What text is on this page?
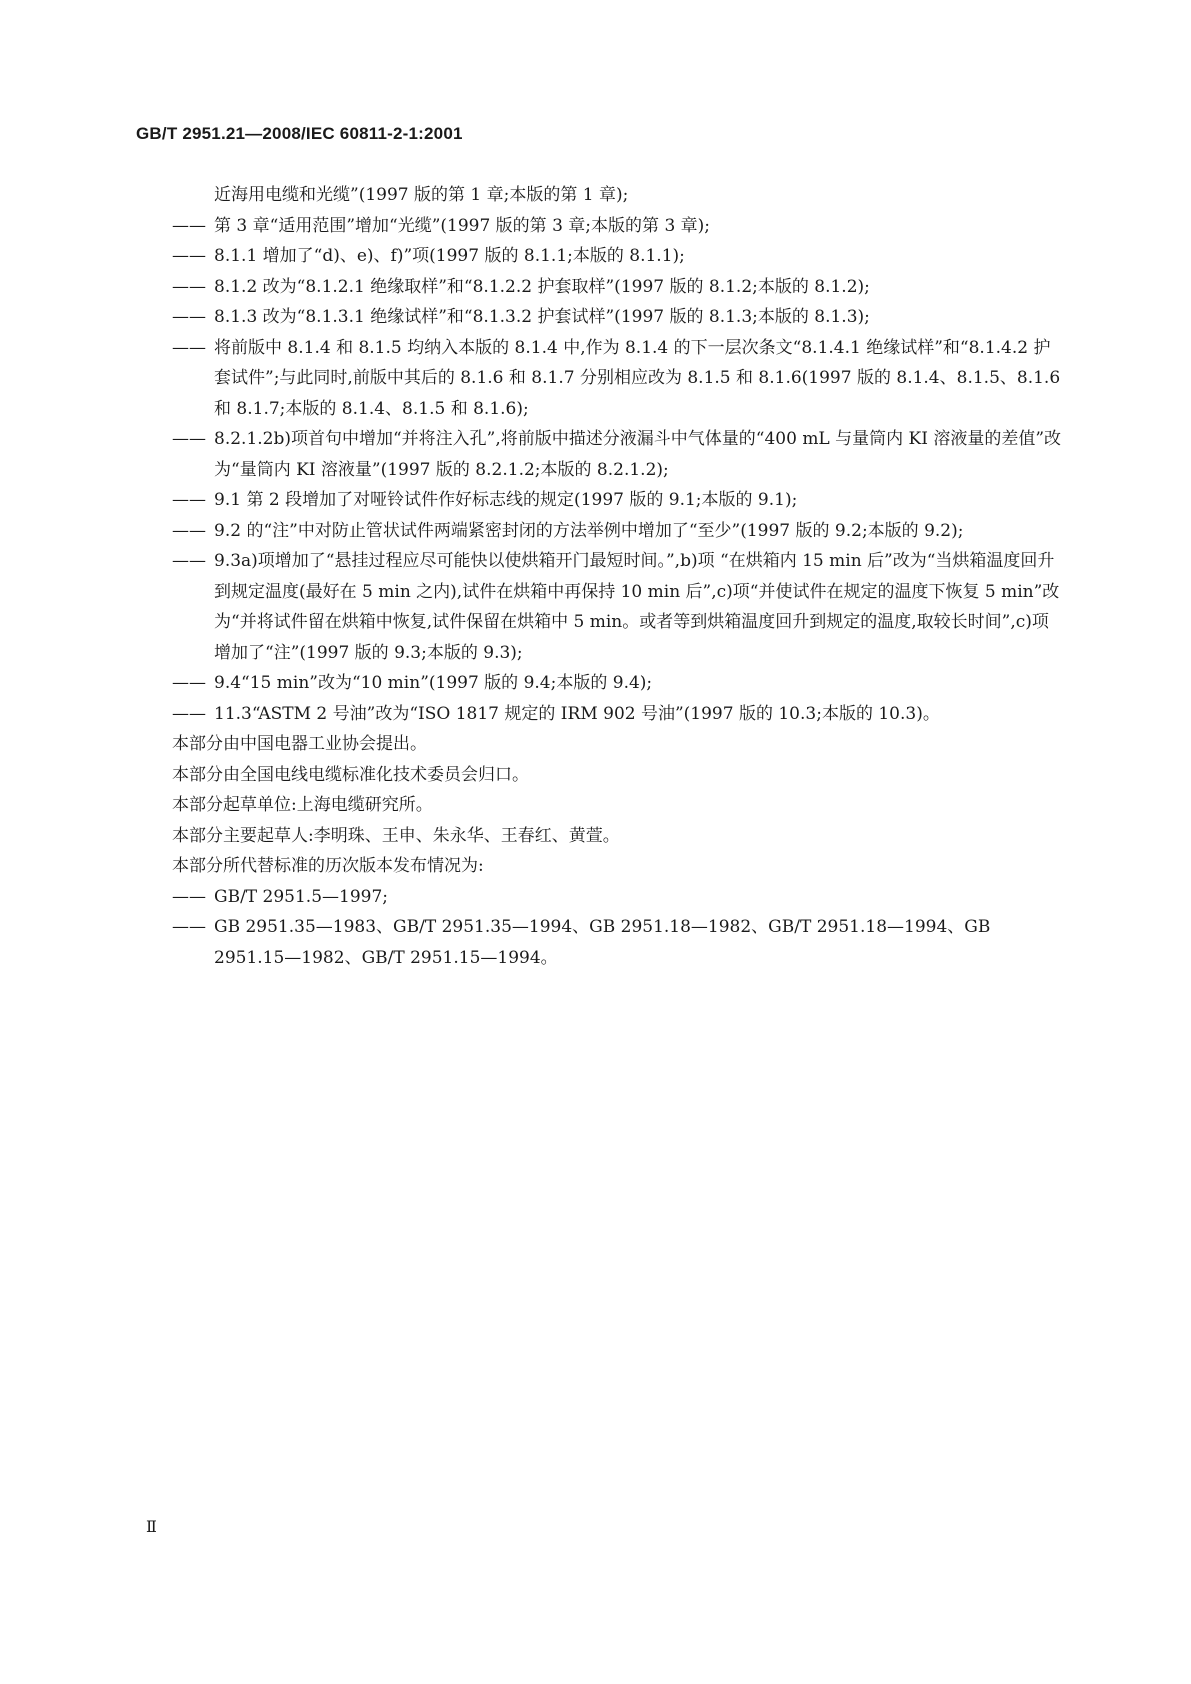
GB/T 2951.21—2008/IEC 60811-2-1:2001

近海用电缆和光缆”(1997 版的第 1 章;本版的第 1 章);

—— 第 3 章“适用范围”增加“光缆”(1997 版的第 3 章;本版的第 3 章);

—— 8.1.1 增加了“d)、e)、f)”项(1997 版的 8.1.1;本版的 8.1.1);

—— 8.1.2 改为“8.1.2.1 绝缘取样”和“8.1.2.2 护套取样”(1997 版的 8.1.2;本版的 8.1.2);

—— 8.1.3 改为“8.1.3.1 绝缘试样”和“8.1.3.2 护套试样”(1997 版的 8.1.3;本版的 8.1.3);

—— 将前版中 8.1.4 和 8.1.5 均纳入本版的 8.1.4 中,作为 8.1.4 的下一层次条文“8.1.4.1 绝缘试样”和“8.1.4.2 护套试件”;与此同时,前版中其后的 8.1.6 和 8.1.7 分别相应改为 8.1.5 和 8.1.6(1997 版的 8.1.4、8.1.5、8.1.6 和 8.1.7;本版的 8.1.4、8.1.5 和 8.1.6);

—— 8.2.1.2b)项首句中增加“并将注入孔”,将前版中描述分液漏斗中气体量的“400 mL 与量筒内 KI 溶液量的差值”改为“量筒内 KI 溶液量”(1997 版的 8.2.1.2;本版的 8.2.1.2);

—— 9.1 第 2 段增加了对哑铃试件作好标志线的规定(1997 版的 9.1;本版的 9.1);

—— 9.2 的“注”中对防止管状试件两端紧密封闭的方法举例中增加了“至少”(1997 版的 9.2;本版的 9.2);

—— 9.3a)项增加了“悬挂过程应尽可能快以使烘箱开门最短时间。”,b)项 “在烘箱内 15 min 后”改为“当烘箱温度回升到规定温度(最好在 5 min 之内),试件在烘箱中再保持 10 min 后”,c)项“并使试件在规定的温度下恢复 5 min”改为“并将试件留在烘箱中恢复,试件保留在烘箱中 5 min。或者等到烘箱温度回升到规定的温度,取较长时间”,c)项增加了“注”(1997 版的 9.3;本版的 9.3);

—— 9.4“15 min”改为“10 min”(1997 版的 9.4;本版的 9.4);

—— 11.3“ASTM 2 号油”改为“ISO 1817 规定的 IRM 902 号油”(1997 版的 10.3;本版的 10.3)。

本部分由中国电器工业协会提出。

本部分由全国电线电缆标准化技术委员会归口。

本部分起草单位:上海电缆研究所。

本部分主要起草人:李明珠、王申、朱永华、王春红、黄萱。

本部分所代替标准的历次版本发布情况为:

—— GB/T 2951.5—1997;

—— GB 2951.35—1983、GB/T 2951.35—1994、GB 2951.18—1982、GB/T 2951.18—1994、GB 2951.15—1982、GB/T 2951.15—1994。

Ⅱ
